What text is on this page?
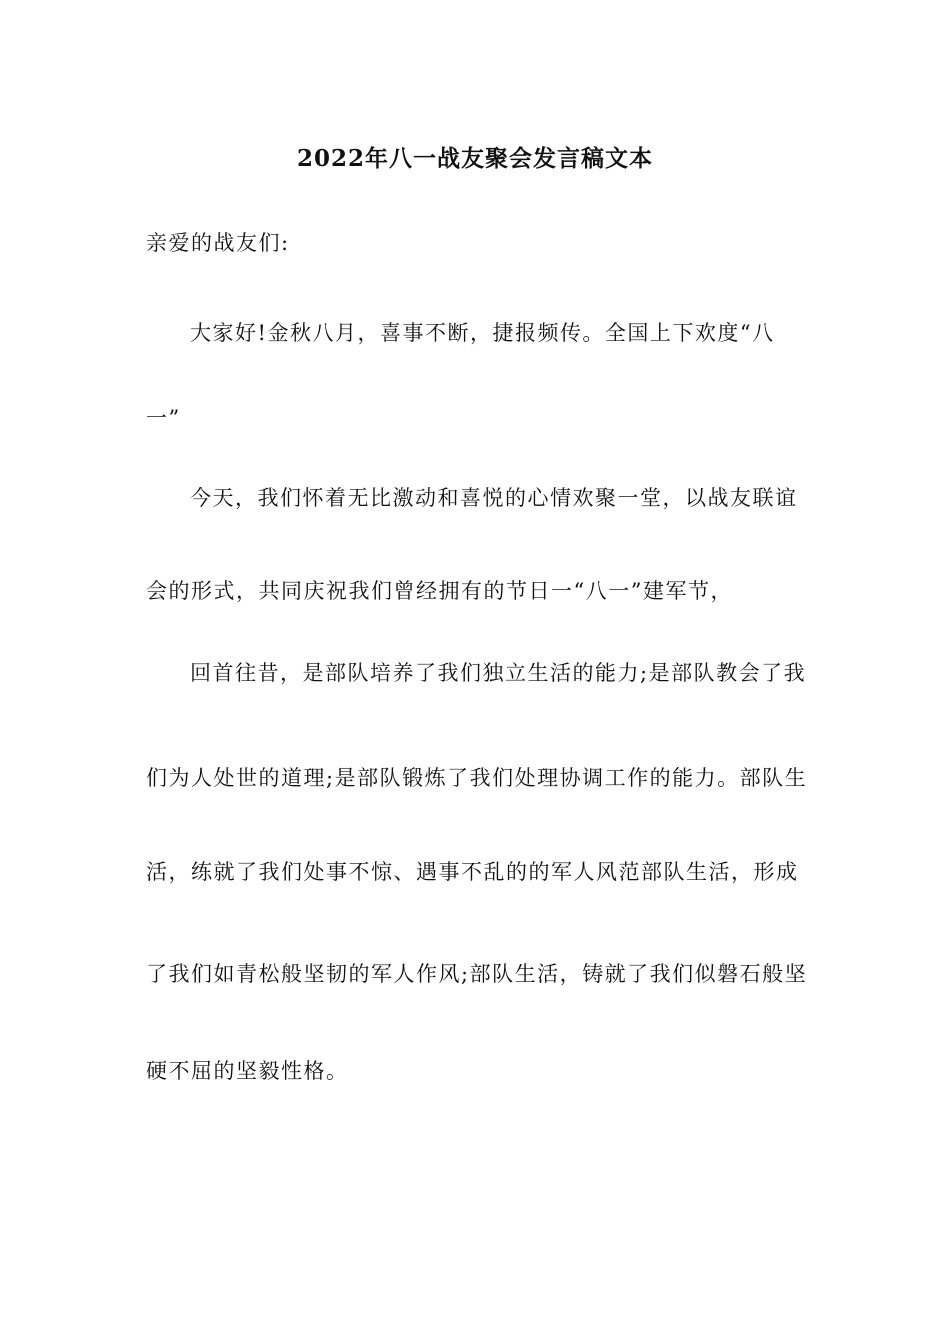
2022年八一战友聚会发言稿文本
亲爱的战友们:
大家好!金秋八月，喜事不断，捷报频传。全国上下欢度“八
一”
今天，我们怀着无比激动和喜悦的心情欢聚一堂，以战友联谊
会的形式，共同庆祝我们曾经拥有的节日一“八一”建军节，
回首往昔，是部队培养了我们独立生活的能力;是部队教会了我
们为人处世的道理;是部队锻炼了我们处理协调工作的能力。部队生
活，练就了我们处事不惊、遇事不乱的的军人风范部队生活，形成
了我们如青松般坚韧的军人作风;部队生活，铸就了我们似磐石般坚
硬不屈的坚毅性格。
